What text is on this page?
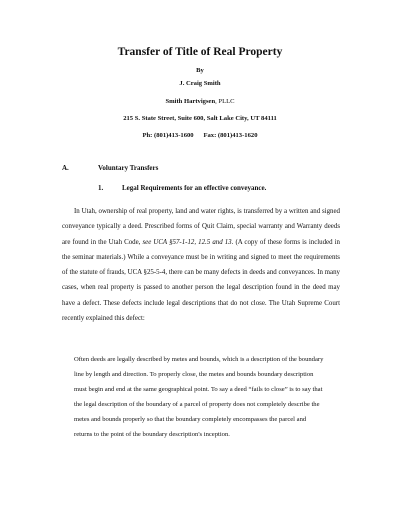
Transfer of Title of Real Property
By
J. Craig Smith
Smith Hartvigsen, PLLC
215 S. State Street, Suite 600, Salt Lake City, UT 84111
Ph: (801)413-1600      Fax: (801)413-1620
A.	Voluntary Transfers
1.	Legal Requirements for an effective conveyance.

In Utah, ownership of real property, land and water rights, is transferred by a written and signed conveyance typically a deed. Prescribed forms of Quit Claim, special warranty and Warranty deeds are found in the Utah Code, see UCA §57-1-12, 12.5 and 13. (A copy of these forms is included in the seminar materials.) While a conveyance must be in writing and signed to meet the requirements of the statute of frauds, UCA §25-5-4, there can be many defects in deeds and conveyances. In many cases, when real property is passed to another person the legal description found in the deed may have a defect. These defects include legal descriptions that do not close. The Utah Supreme Court recently explained this defect:

Often deeds are legally described by metes and bounds, which is a description of the boundary line by length and direction. To properly close, the metes and bounds boundary description must begin and end at the same geographical point. To say a deed “fails to close” is to say that the legal description of the boundary of a parcel of property does not completely describe the metes and bounds properly so that the boundary completely encompasses the parcel and returns to the point of the boundary description's inception.
